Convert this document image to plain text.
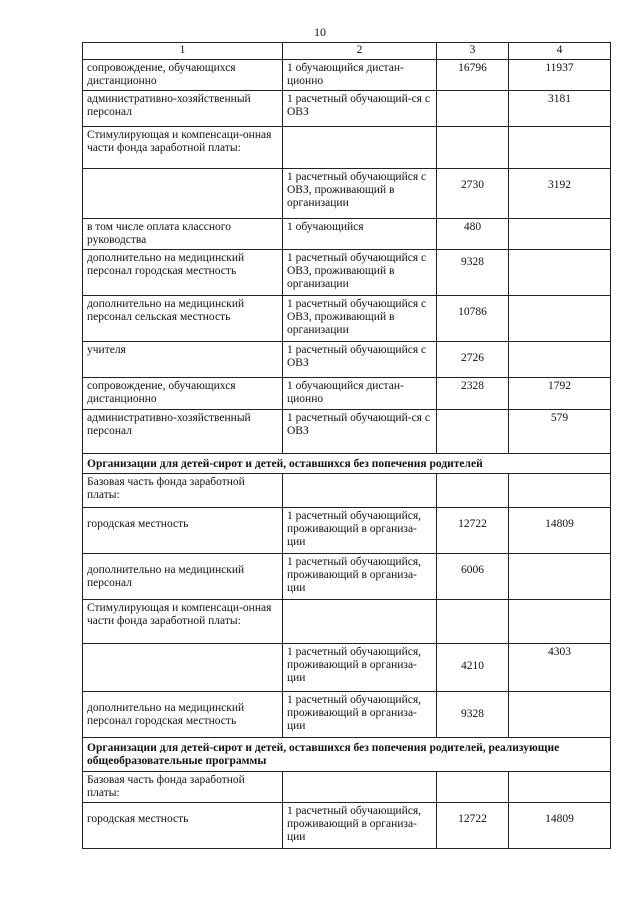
10
1	2	3	4
сопровождение, обучающихся дистанционно	1 обучающийся дистан-ционно	16796	11937
административно-хозяйственный персонал	1 расчетный обучающий-ся с ОВЗ		3181
Стимулирующая и компенсаци-онная части фонда заработной платы:			
	1 расчетный обучающийся с ОВЗ, проживающий в организации	2730	3192
в том числе оплата классного руководства	1 обучающийся	480	
дополнительно на медицинский персонал городская местность	1 расчетный обучающийся с ОВЗ, проживающий в организации	9328	
дополнительно на медицинский персонал сельская местность	1 расчетный обучающийся с ОВЗ, проживающий в организации	10786	
учителя	1 расчетный обучающийся с ОВЗ	2726	
сопровождение, обучающихся дистанционно	1 обучающийся дистан-ционно	2328	1792
административно-хозяйственный персонал	1 расчетный обучающий-ся с ОВЗ		579
Организации для детей-сирот и детей, оставшихся без попечения родителей			
Базовая часть фонда заработной платы:			
городская местность	1 расчетный обучающийся, проживающий в организа-ции	12722	14809
дополнительно на медицинский персонал	1 расчетный обучающийся, проживающий в организа-ции	6006	
Стимулирующая и компенсаци-онная части фонда заработной платы:			
	1 расчетный обучающийся, проживающий в организа-ции	4210	4303
дополнительно на медицинский персонал городская местность	1 расчетный обучающийся, проживающий в организа-ции	9328	
Организации для детей-сирот и детей, оставшихся без попечения родителей, реализующие общеобразовательные программы			
Базовая часть фонда заработной платы:			
городская местность	1 расчетный обучающийся, проживающий в организа-ции	12722	14809
